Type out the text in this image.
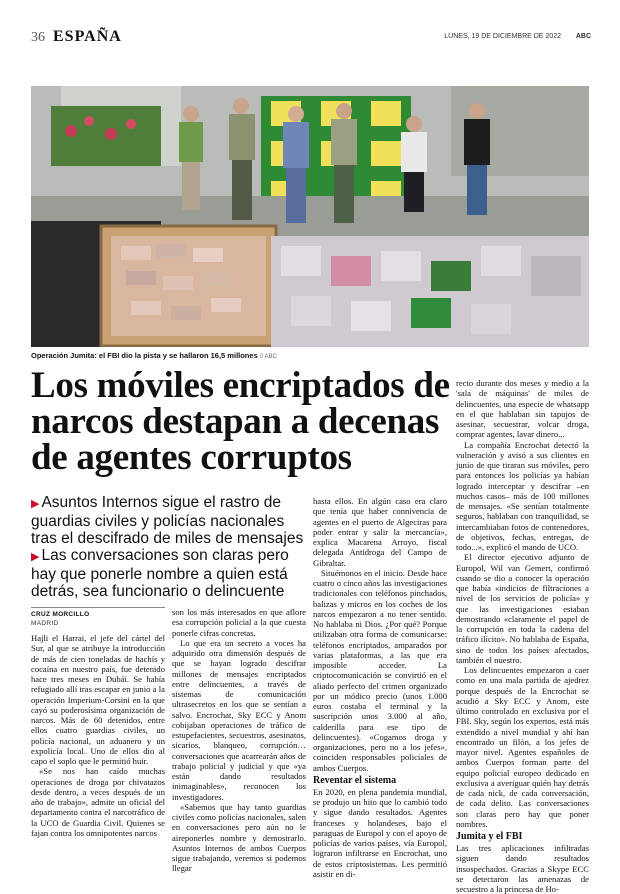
36 ESPAÑA	LUNES, 19 DE DICIEMBRE DE 2022 ABC
Operación Jumita: el FBI dio la pista y se hallaron 16,5 millones // ABC
Los móviles encriptados de narcos destapan a decenas de agentes corruptos

▶ Asuntos Internos sigue el rastro de guardias civiles y policías nacionales tras el descifrado de miles de mensajes

▶ Las conversaciones son claras pero hay que ponerle nombre a quien está detrás, sea funcionario o delincuente

CRUZ MORCILLO
MADRID

Hajli el Harrai, el jefe del cártel del Sur, al que se atribuye la introducción de más de cien toneladas de hachís y cocaína en nuestro país, fue detenido hace tres meses en Dubái. Se había refugiado allí tras escapar en junio a la operación Imperium-Corsini en la que cayó su poderosísima organización de narcos. Más de 60 detenidos, entre ellos cuatro guardias civiles, un policía nacional, un aduanero y un expolicía local. Uno de ellos dio al capo el soplo que le permitió huir.

«Se nos han caído muchas operaciones de droga por chivatazos desde dentro, a veces después de un año de trabajo», admite un oficial del departamento contra el narcotráfico de la UCO de Guardia Civil. Quienes se fajan contra los omnipotentes narcos

son los más interesados en que aflore esa corrupción policial a la que cuesta ponerle cifras concretas.

Lo que era un secreto a voces ha adquirido otra dimensión después de que se hayan logrado descifrar millones de mensajes encriptados entre delincuentes, a través de sistemas de comunicación ultrasecretos en los que se sentían a salvo. Encrochat, Sky ECC y Anom cobijaban operaciones de tráfico de estupefacientes, secuestros, asesinatos, sicarios, blanqueo, corrupción… conversaciones que acarrearán años de trabajo policial y judicial y que «ya están dando resultados inimaginables», reconocen los investigadores.

«Sabemos que hay tanto guardias civiles como policías nacionales, salen en conversaciones pero aún no le aireponerles nombre y demostrarlo. Asuntos Internos de ambos Cuerpos sigue trabajando, veremos si podemos llegar

hasta ellos. En algún caso era claro que tenía que haber connivencia de agentes en el puerto de Algeciras para poder entrar y salir la mercancía», explica Macarena Arroyo, fiscal delegada Antidroga del Campo de Gibraltar.

Situémonos en el inicio. Desde hace cuatro o cinco años las investigaciones tradicionales con teléfonos pinchados, balizas y micros en los coches de los narcos empezaron a no tener sentido. No hablaba ni Dios. ¿Por qué? Porque utilizaban otra forma de comunicarse: teléfonos encriptados, amparados por varias plataformas, a las que era imposible acceder. La criptocomunicación se convirtió en el aliado perfecto del crimen organizado por un módico precio (unos 1.000 euros costaba el terminal y la suscripción unos 3.000 al año, calderilla para ese tipo de delincuentes). «Cogamos droga y organizaciones, pero no a los jefes», coinciden responsables policiales de ambos Cuerpos.

Reventar el sistema

En 2020, en plena pandemia mundial, se produjo un hito que lo cambió todo y sigue dando resultados. Agentes franceses y holandeses, bajo el paraguas de Europol y con el apoyo de policías de varios países, vía Europol, lograron infiltrarse en Encrochat, uno de estos criptosistemas. Les permitió asistir en di-

recto durante dos meses y medio a la 'sala de máquinas' de miles de delincuentes, una especie de whatsapp en el que hablaban sin tapujos de asesinar, secuestrar, volcar droga, comprar agentes, lavar dinero...

La compañía Encrochat detectó la vulneración y avisó a sus clientes en junio de que tiraran sus móviles, pero para entonces los policías ya habían logrado interceptar y descifrar –en muchos casos– más de 100 millones de mensajes. «Se sentían totalmente seguros, hablaban con tranquilidad, se intercambiaban fotos de contenedores, de objetivos, fechas, entregas, de todo...», explicó el mando de UCO.

El director ejecutivo adjunto de Europol, Wil van Gemert, confirmó cuando se dio a conocer la operación que había «indicios de filtraciones a nivel de los servicios de policía» y que las investigaciones estaban demostrando «claramente el papel de la corrupción en toda la cadena del tráfico ilícito». No hablaba de España, sino de todos los países afectados, también el nuestro.

Los delincuentes empezaron a caer como en una mala partida de ajedrez porque después de la Encrochat se acudió a Sky ECC y Anom, este último controlado en exclusiva por el FBI. Sky, según los expertos, está más extendido a nivel mundial y ahí han encontrado un filón, a los jefes de mayor nivel. Agentes españoles de ambos Cuerpos forman parte del equipo policial europeo dedicado en exclusiva a averiguar quién hay detrás de cada nick, de cada conversación, de cada delito. Las conversaciones son claras pero hay que poner nombres.

Jumita y el FBI

Las tres aplicaciones infiltradas siguen dando resultados insospechados. Gracias a Skype ECC se detectaron las amenazas de secuestro a la princesa de Ho-
